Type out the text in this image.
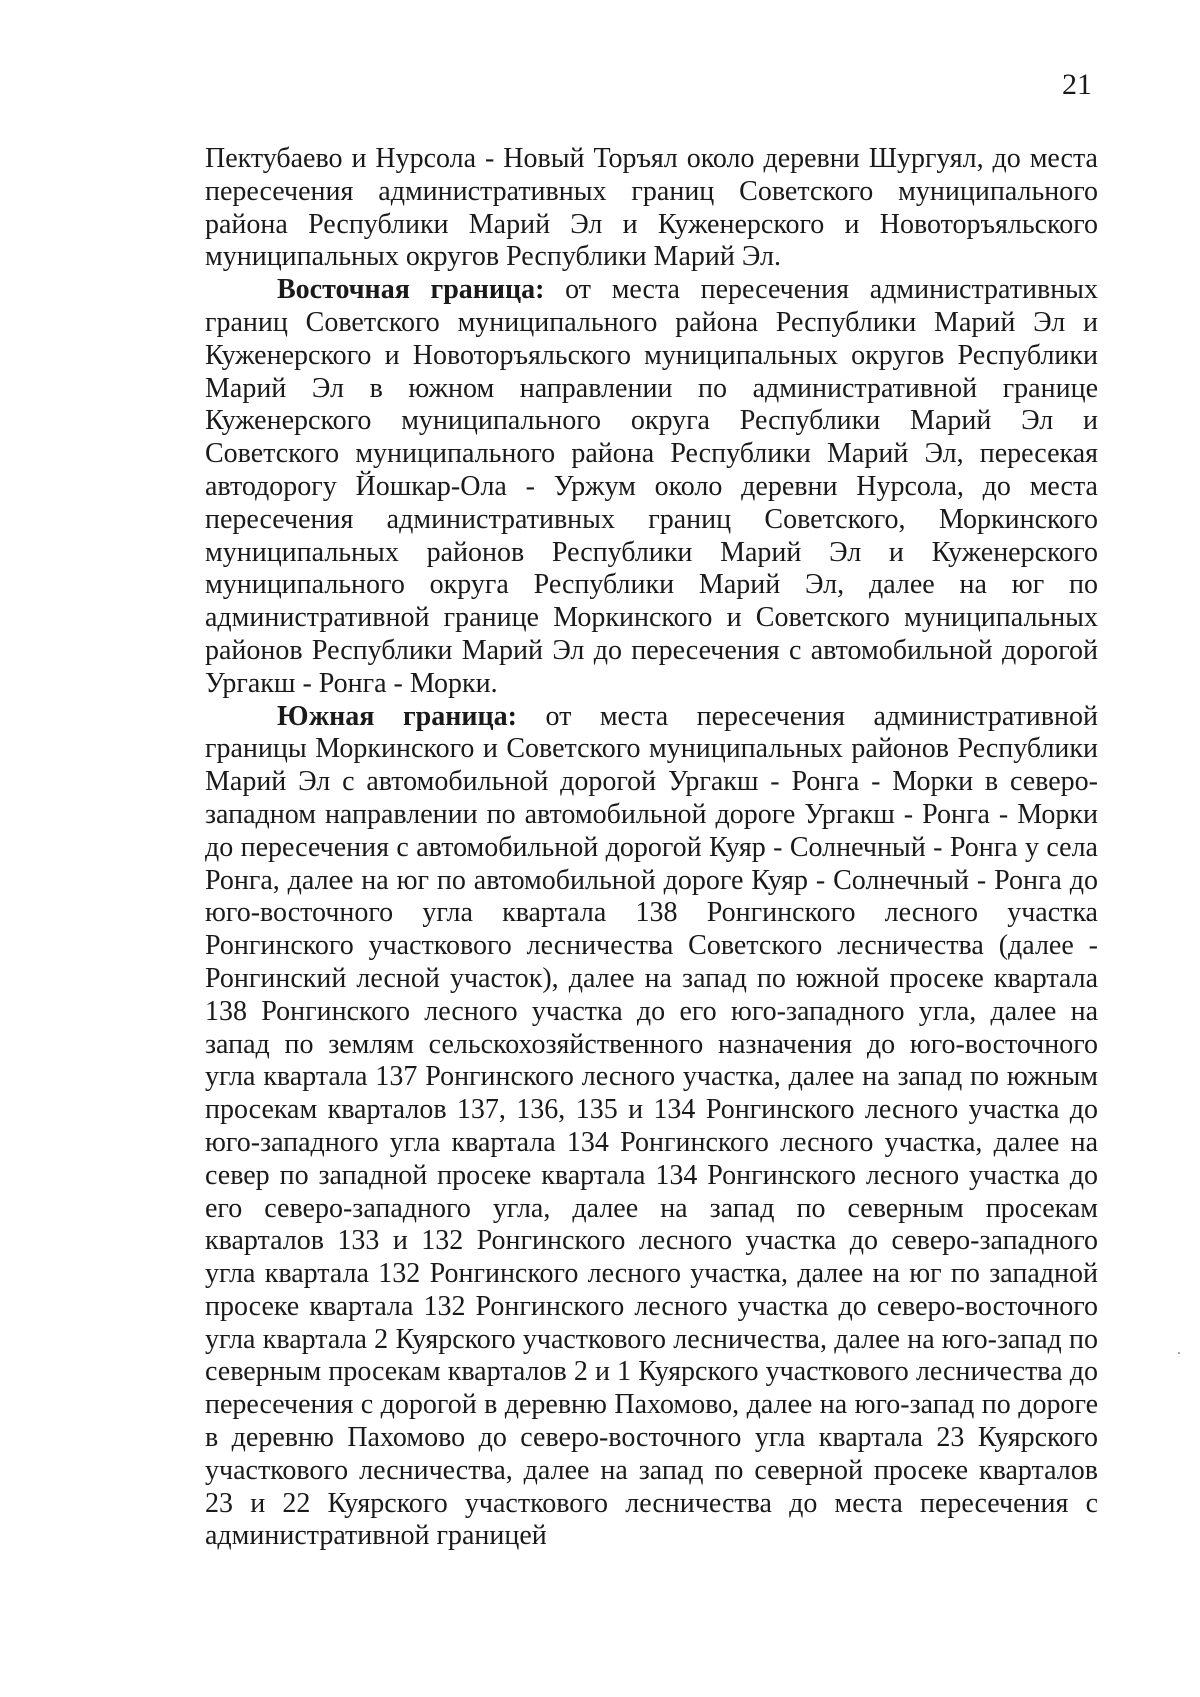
21

Пектубаево и Нурсола - Новый Торъял около деревни Шургуял, до места пересечения административных границ Советского муниципального района Республики Марий Эл и Куженерского и Новоторъяльского муниципальных округов Республики Марий Эл.

Восточная граница: от места пересечения административных границ Советского муниципального района Республики Марий Эл и Куженерского и Новоторъяльского муниципальных округов Республики Марий Эл в южном направлении по административной границе Куженерского муниципального округа Республики Марий Эл и Советского муниципального района Республики Марий Эл, пересекая автодорогу Йошкар-Ола - Уржум около деревни Нурсола, до места пересечения административных границ Советского, Моркинского муниципальных районов Республики Марий Эл и Куженерского муниципального округа Республики Марий Эл, далее на юг по административной границе Моркинского и Советского муниципальных районов Республики Марий Эл до пересечения с автомобильной дорогой Ургакш - Ронга - Морки.

Южная граница: от места пересечения административной границы Моркинского и Советского муниципальных районов Республики Марий Эл с автомобильной дорогой Ургакш - Ронга - Морки в северо-западном направлении по автомобильной дороге Ургакш - Ронга - Морки до пересечения с автомобильной дорогой Куяр - Солнечный - Ронга у села Ронга, далее на юг по автомобильной дороге Куяр - Солнечный - Ронга до юго-восточного угла квартала 138 Ронгинского лесного участка Ронгинского участкового лесничества Советского лесничества (далее - Ронгинский лесной участок), далее на запад по южной просеке квартала 138 Ронгинского лесного участка до его юго-западного угла, далее на запад по землям сельскохозяйственного назначения до юго-восточного угла квартала 137 Ронгинского лесного участка, далее на запад по южным просекам кварталов 137, 136, 135 и 134 Ронгинского лесного участка до юго-западного угла квартала 134 Ронгинского лесного участка, далее на север по западной просеке квартала 134 Ронгинского лесного участка до его северо-западного угла, далее на запад по северным просекам кварталов 133 и 132 Ронгинского лесного участка до северо-западного угла квартала 132 Ронгинского лесного участка, далее на юг по западной просеке квартала 132 Ронгинского лесного участка до северо-восточного угла квартала 2 Куярского участкового лесничества, далее на юго-запад по северным просекам кварталов 2 и 1 Куярского участкового лесничества до пересечения с дорогой в деревню Пахомово, далее на юго-запад по дороге в деревню Пахомово до северо-восточного угла квартала 23 Куярского участкового лесничества, далее на запад по северной просеке кварталов 23 и 22 Куярского участкового лесничества до места пересечения с административной границей
